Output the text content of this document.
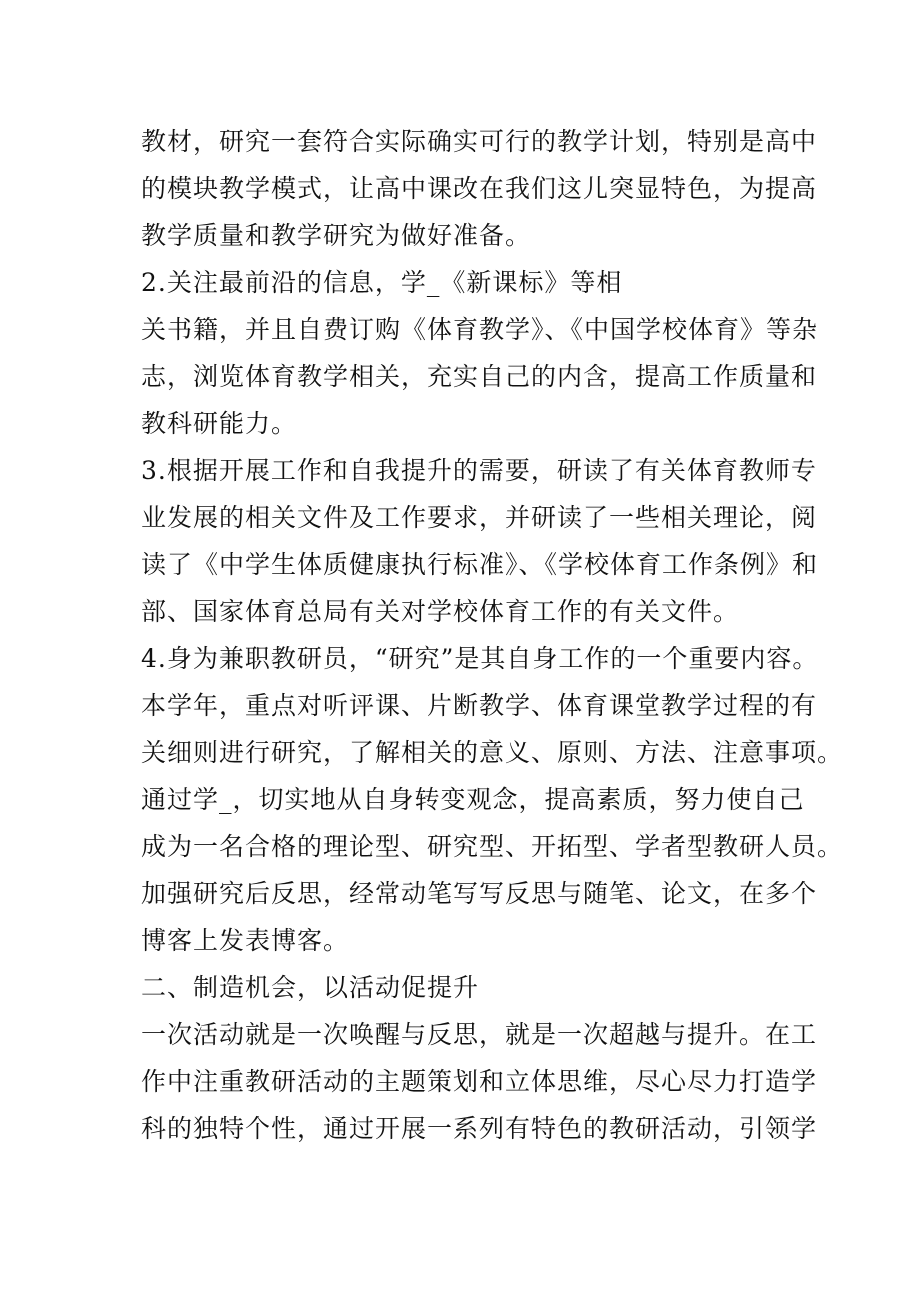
教材，研究一套符合实际确实可行的教学计划，特别是高中
的模块教学模式，让高中课改在我们这儿突显特色，为提高
教学质量和教学研究为做好准备。
2.关注最前沿的信息，学_《新课标》等相
关书籍，并且自费订购《体育教学》、《中国学校体育》等杂
志，浏览体育教学相关，充实自己的内含，提高工作质量和
教科研能力。
3.根据开展工作和自我提升的需要，研读了有关体育教师专
业发展的相关文件及工作要求，并研读了一些相关理论，阅
读了《中学生体质健康执行标准》、《学校体育工作条例》和
部、国家体育总局有关对学校体育工作的有关文件。
4.身为兼职教研员，“研究”是其自身工作的一个重要内容。
本学年，重点对听评课、片断教学、体育课堂教学过程的有
关细则进行研究，了解相关的意义、原则、方法、注意事项。
通过学_，切实地从自身转变观念，提高素质，努力使自己
成为一名合格的理论型、研究型、开拓型、学者型教研人员。
加强研究后反思，经常动笔写写反思与随笔、论文，在多个
博客上发表博客。
二、制造机会，以活动促提升
一次活动就是一次唤醒与反思，就是一次超越与提升。在工
作中注重教研活动的主题策划和立体思维，尽心尽力打造学
科的独特个性，通过开展一系列有特色的教研活动，引领学
